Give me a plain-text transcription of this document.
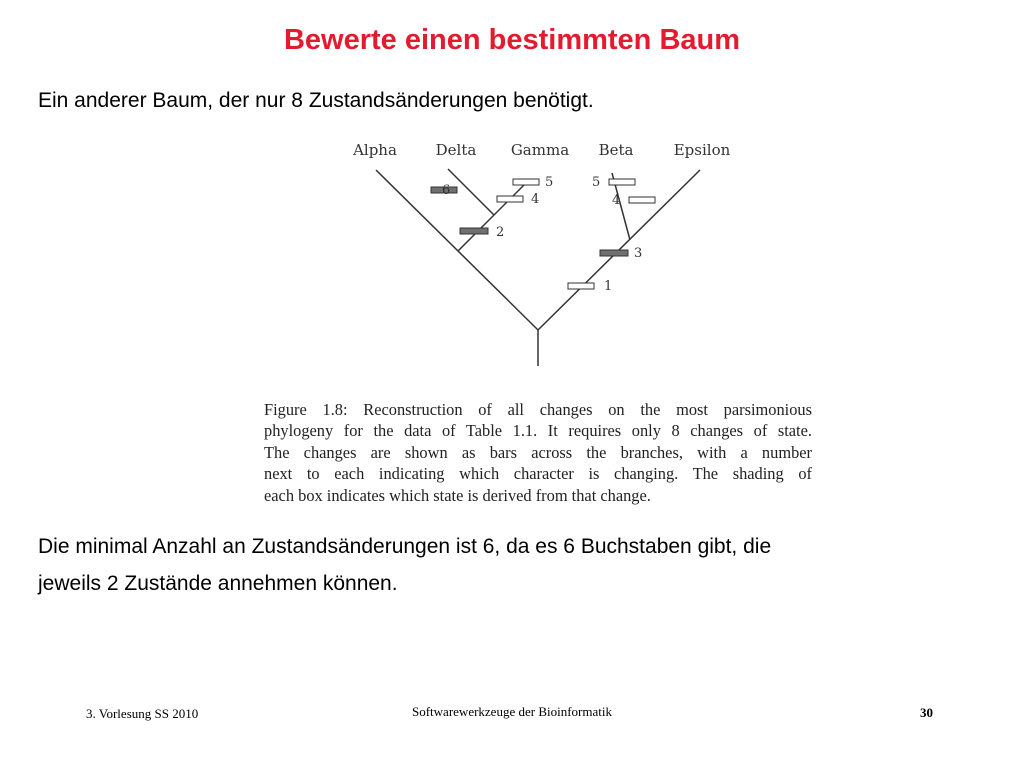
Bewerte einen bestimmten Baum
Ein anderer Baum, der nur 8 Zustandsänderungen benötigt.
Alpha	Delta Gamma Beta	Epsilon
6
5
4
2
5
4
3
1
Figure 1.8: Reconstruction of all changes on the most parsimonious
phylogeny for the data of Table 1.1. It requires only 8 changes of state.
The changes are shown as bars across the branches, with a number
next to each indicating which character is changing. The shading of
each box indicates which state is derived from that change.
Die minimal Anzahl an Zustandsänderungen ist 6, da es 6 Buchstaben gibt, die
jeweils 2 Zustände annehmen können.
3. Vorlesung SS 2010	Softwarewerkzeuge der Bioinformatik	30
